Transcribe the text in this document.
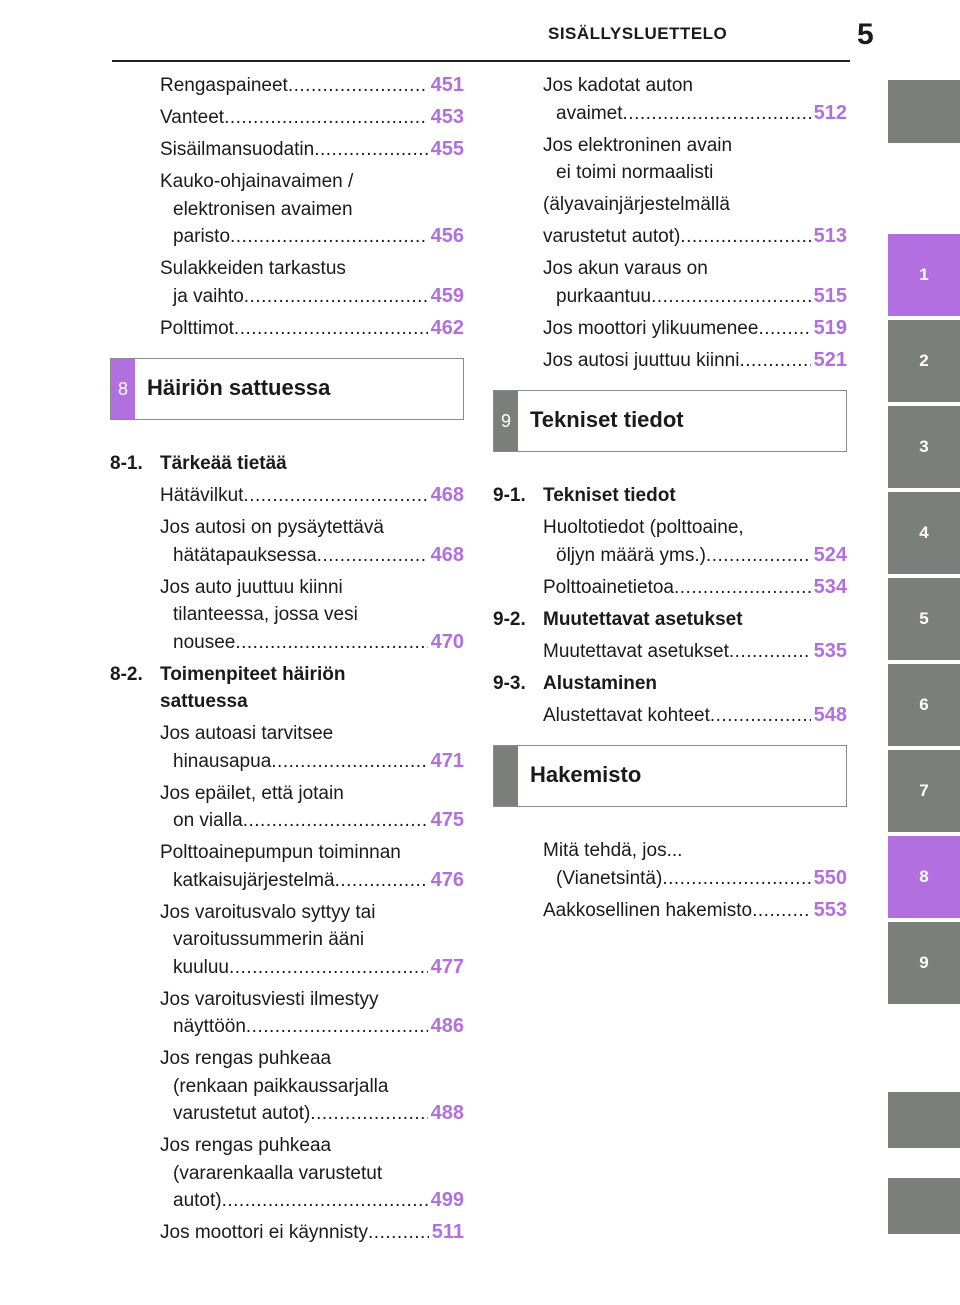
SISÄLLYSLUETTELO	5
Rengaspaineet .....	451
Vanteet .....	453
Sisäilmansuodatin .....	455
Kauko-ohjainavaimen /
elektronisen avaimen
paristo .....	456
Sulakkeiden tarkastus
ja vaihto .....	459
Polttimot .....	462
8 Häiriön sattuessa
8-1. Tärkeää tietää
Hätävilkut .....	468
Jos autosi on pysäytettävä
hätätapauksessa .....	468
Jos auto juuttuu kiinni
tilanteessa, jossa vesi
nousee .....	470
8-2. Toimenpiteet häiriön
sattuessa
Jos autoasi tarvitsee
hinausapua .....	471
Jos epäilet, että jotain
on vialla .....	475
Polttoainepumpun toiminnan
katkaisujärjestelmä .....	476
Jos varoitusvalo syttyy tai
varoitussummerin ääni
kuuluu .....	477
Jos varoitusviesti ilmestyy
näyttöön .....	486
Jos rengas puhkeaa
(renkaan paikkaussarjalla
varustetut autot) .....	488
Jos rengas puhkeaa
(vararenkaalla varustetut
autot) .....	499
Jos moottori ei käynnisty .....	511
Jos kadotat auton
avaimet .....	512
Jos elektroninen avain
ei toimi normaalisti
(älyavainjärjestelmällä
varustetut autot) .....	513
Jos akun varaus on
purkaantuu .....	515
Jos moottori ylikuumenee .....	519
Jos autosi juuttuu kiinni .....	521
9 Tekniset tiedot
9-1. Tekniset tiedot
Huoltotiedot (polttoaine,
öljyn määrä yms.) .....	524
Polttoainetietoa .....	534
9-2. Muutettavat asetukset
Muutettavat asetukset .....	535
9-3. Alustaminen
Alustettavat kohteet .....	548
Hakemisto
Mitä tehdä, jos...
(Vianetsintä) .....	550
Aakkosellinen hakemisto .....	553
1
2
3
4
5
6
7
8
9
